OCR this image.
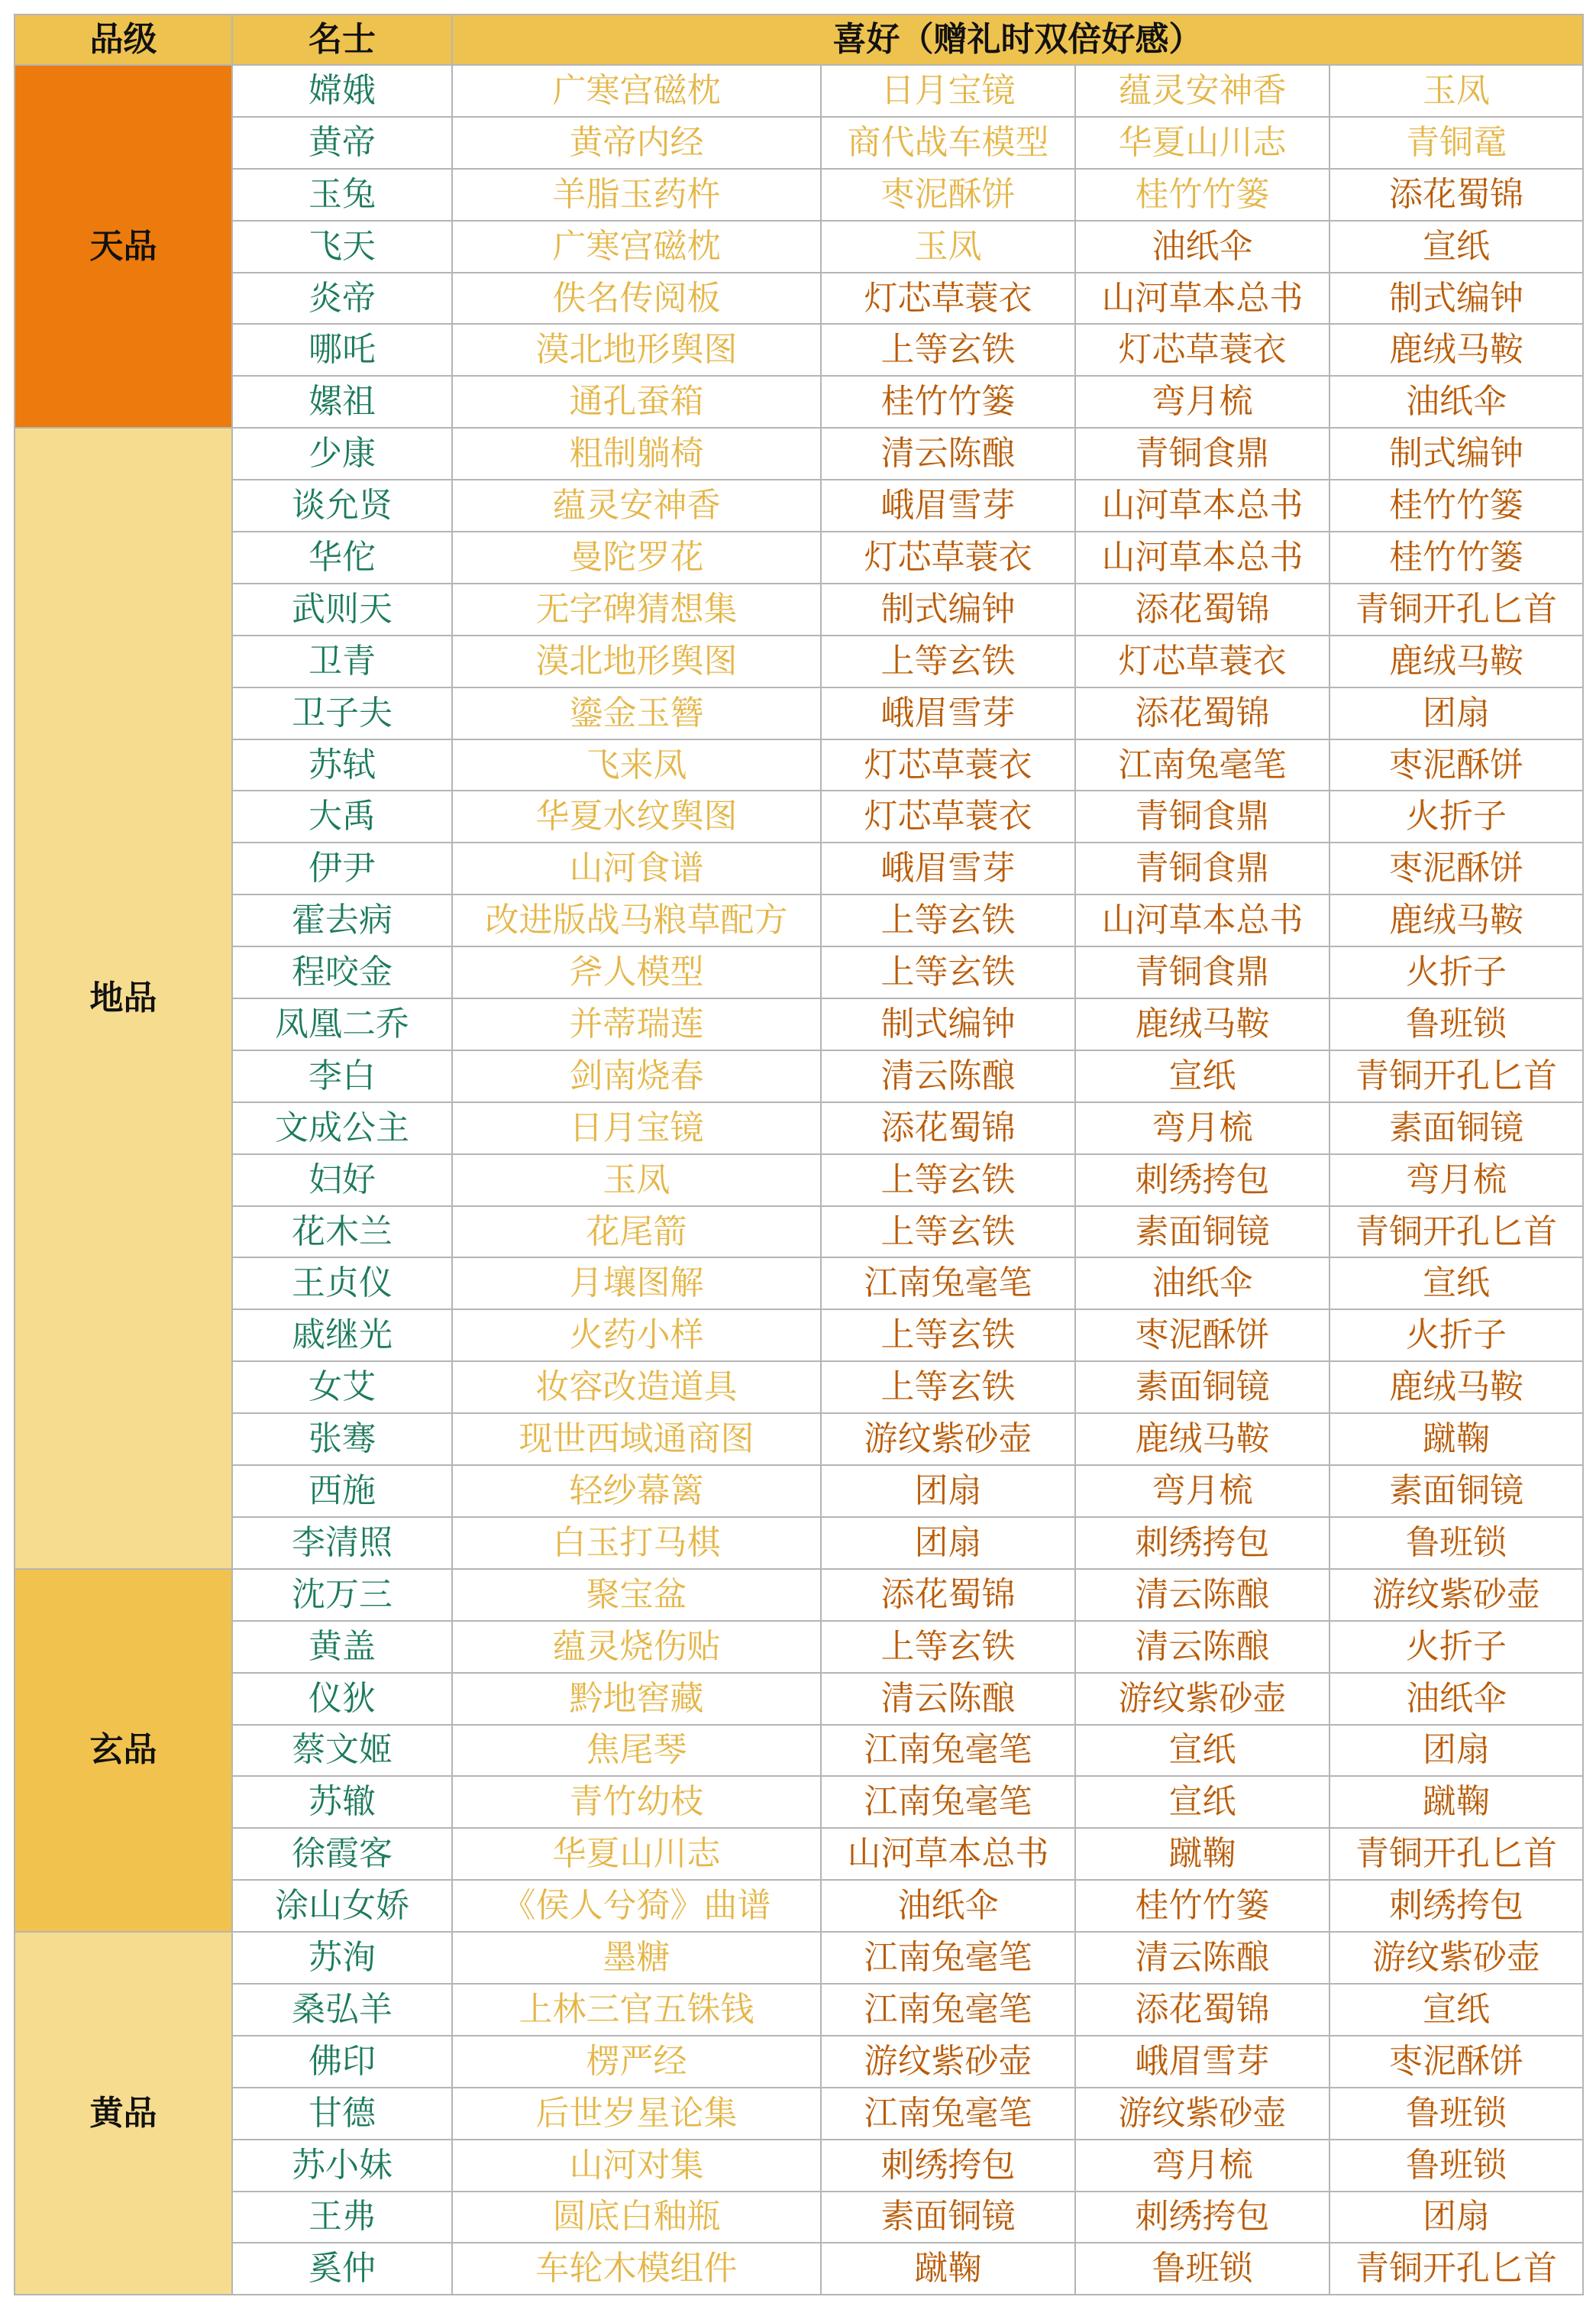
品级	名士	喜好（赠礼时双倍好感）			
天品	嫦娥	广寒宫磁枕	日月宝镜	蕴灵安神香	玉凤
	黄帝	黄帝内经	商代战车模型	华夏山川志	青铜鼋
	玉兔	羊脂玉药杵	枣泥酥饼	桂竹竹篓	添花蜀锦
	飞天	广寒宫磁枕	玉凤	油纸伞	宣纸
	炎帝	佚名传阅板	灯芯草蓑衣	山河草本总书	制式编钟
	哪吒	漠北地形舆图	上等玄铁	灯芯草蓑衣	鹿绒马鞍
	嫘祖	通孔蚕箱	桂竹竹篓	弯月梳	油纸伞
地品	少康	粗制躺椅	清云陈酿	青铜食鼎	制式编钟
	谈允贤	蕴灵安神香	峨眉雪芽	山河草本总书	桂竹竹篓
	华佗	曼陀罗花	灯芯草蓑衣	山河草本总书	桂竹竹篓
	武则天	无字碑猜想集	制式编钟	添花蜀锦	青铜开孔匕首
	卫青	漠北地形舆图	上等玄铁	灯芯草蓑衣	鹿绒马鞍
	卫子夫	鎏金玉簪	峨眉雪芽	添花蜀锦	团扇
	苏轼	飞来凤	灯芯草蓑衣	江南兔毫笔	枣泥酥饼
	大禹	华夏水纹舆图	灯芯草蓑衣	青铜食鼎	火折子
	伊尹	山河食谱	峨眉雪芽	青铜食鼎	枣泥酥饼
	霍去病	改进版战马粮草配方	上等玄铁	山河草本总书	鹿绒马鞍
	程咬金	斧人模型	上等玄铁	青铜食鼎	火折子
	凤凰二乔	并蒂瑞莲	制式编钟	鹿绒马鞍	鲁班锁
	李白	剑南烧春	清云陈酿	宣纸	青铜开孔匕首
	文成公主	日月宝镜	添花蜀锦	弯月梳	素面铜镜
	妇好	玉凤	上等玄铁	刺绣挎包	弯月梳
	花木兰	花尾箭	上等玄铁	素面铜镜	青铜开孔匕首
	王贞仪	月壤图解	江南兔毫笔	油纸伞	宣纸
	戚继光	火药小样	上等玄铁	枣泥酥饼	火折子
	女艾	妆容改造道具	上等玄铁	素面铜镜	鹿绒马鞍
	张骞	现世西域通商图	游纹紫砂壶	鹿绒马鞍	蹴鞠
	西施	轻纱幕篱	团扇	弯月梳	素面铜镜
	李清照	白玉打马棋	团扇	刺绣挎包	鲁班锁
玄品	沈万三	聚宝盆	添花蜀锦	清云陈酿	游纹紫砂壶
	黄盖	蕴灵烧伤贴	上等玄铁	清云陈酿	火折子
	仪狄	黔地窖藏	清云陈酿	游纹紫砂壶	油纸伞
	蔡文姬	焦尾琴	江南兔毫笔	宣纸	团扇
	苏辙	青竹幼枝	江南兔毫笔	宣纸	蹴鞠
	徐霞客	华夏山川志	山河草本总书	蹴鞠	青铜开孔匕首
	涂山女娇	《侯人兮猗》曲谱	油纸伞	桂竹竹篓	刺绣挎包
黄品	苏洵	墨糖	江南兔毫笔	清云陈酿	游纹紫砂壶
	桑弘羊	上林三官五铢钱	江南兔毫笔	添花蜀锦	宣纸
	佛印	楞严经	游纹紫砂壶	峨眉雪芽	枣泥酥饼
	甘德	后世岁星论集	江南兔毫笔	游纹紫砂壶	鲁班锁
	苏小妹	山河对集	刺绣挎包	弯月梳	鲁班锁
	王弗	圆底白釉瓶	素面铜镜	刺绣挎包	团扇
	奚仲	车轮木模组件	蹴鞠	鲁班锁	青铜开孔匕首
